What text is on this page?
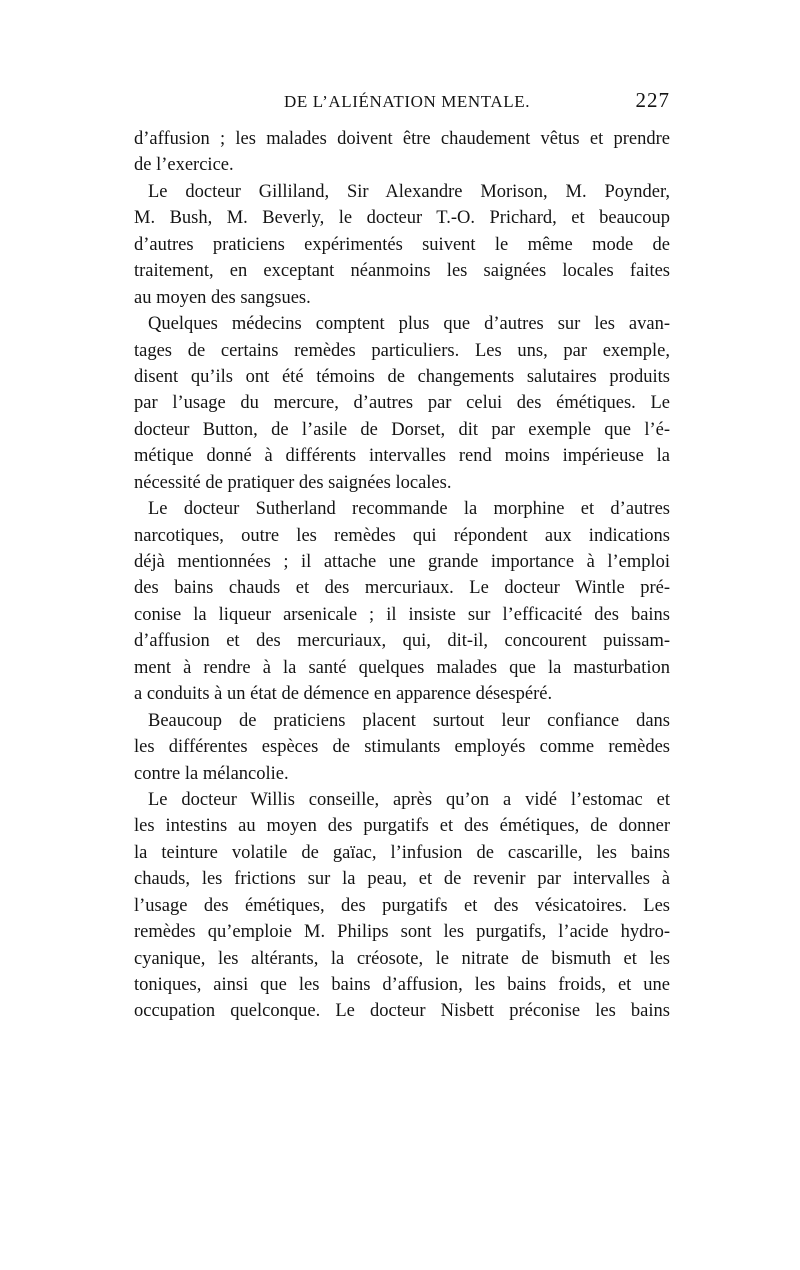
DE L’ALIÉNATION MENTALE.	227
d’affusion ; les malades doivent être chaudement vêtus et prendre
de l’exercice.
Le docteur Gilliland, Sir Alexandre Morison, M. Poynder,
M. Bush, M. Beverly, le docteur T.-O. Prichard, et beaucoup
d’autres praticiens expérimentés suivent le même mode de
traitement, en exceptant néanmoins les saignées locales faites
au moyen des sangsues.
Quelques médecins comptent plus que d’autres sur les avan-
tages de certains remèdes particuliers. Les uns, par exemple,
disent qu’ils ont été témoins de changements salutaires produits
par l’usage du mercure, d’autres par celui des émétiques. Le
docteur Button, de l’asile de Dorset, dit par exemple que l’é-
métique donné à différents intervalles rend moins impérieuse la
nécessité de pratiquer des saignées locales.
Le docteur Sutherland recommande la morphine et d’autres
narcotiques, outre les remèdes qui répondent aux indications
déjà mentionnées ; il attache une grande importance à l’emploi
des bains chauds et des mercuriaux. Le docteur Wintle pré-
conise la liqueur arsenicale ; il insiste sur l’efficacité des bains
d’affusion et des mercuriaux, qui, dit-il, concourent puissam-
ment à rendre à la santé quelques malades que la masturbation
a conduits à un état de démence en apparence désespéré.
Beaucoup de praticiens placent surtout leur confiance dans
les différentes espèces de stimulants employés comme remèdes
contre la mélancolie.
Le docteur Willis conseille, après qu’on a vidé l’estomac et
les intestins au moyen des purgatifs et des émétiques, de donner
la teinture volatile de gaïac, l’infusion de cascarille, les bains
chauds, les frictions sur la peau, et de revenir par intervalles à
l’usage des émétiques, des purgatifs et des vésicatoires. Les
remèdes qu’emploie M. Philips sont les purgatifs, l’acide hydro-
cyanique, les altérants, la créosote, le nitrate de bismuth et les
toniques, ainsi que les bains d’affusion, les bains froids, et une
occupation quelconque. Le docteur Nisbett préconise les bains
